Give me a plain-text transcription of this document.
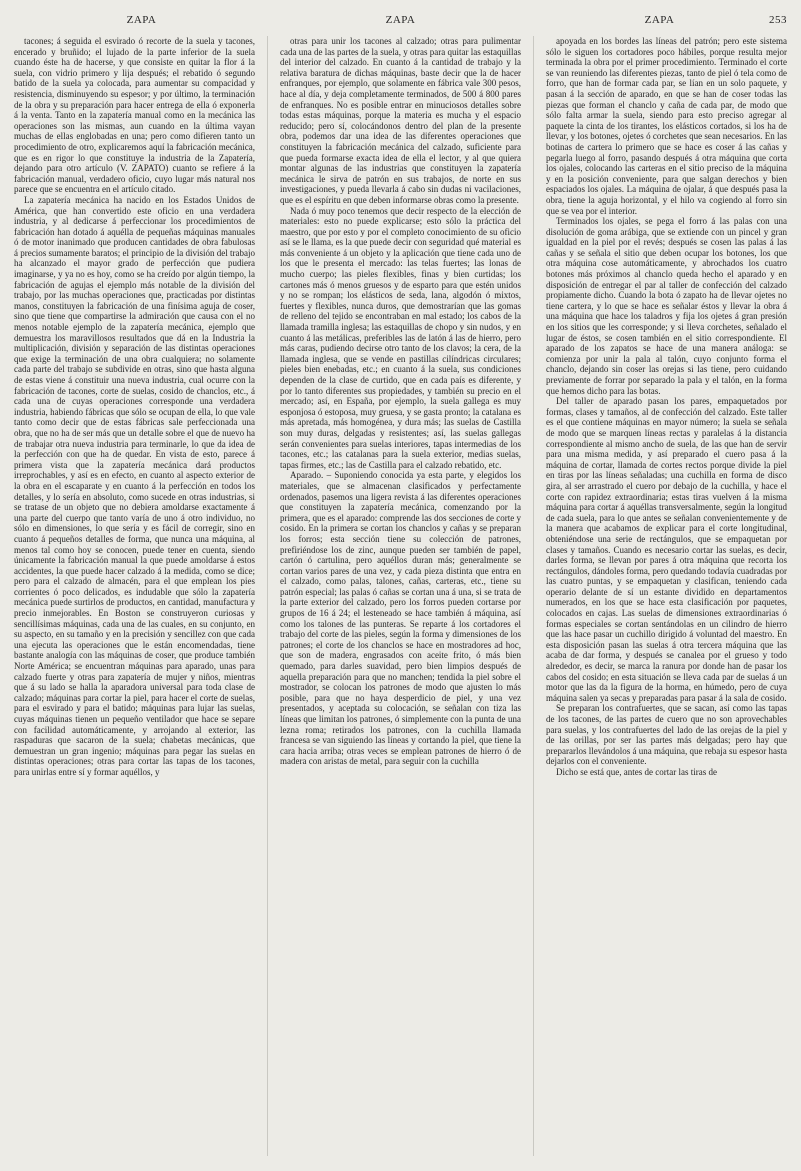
ZAPA	ZAPA	ZAPA	253

tacones; á seguida el esvirado ó recorte de la suela y tacones, encerado y bruñido; el lujado de la parte inferior de la suela cuando éste ha de hacerse, y que consiste en quitar la flor á la suela, con vidrio primero y lija después; el rebatido ó segundo batido de la suela ya colocada, para aumentar su compacidad y resistencia, disminuyendo su espesor; y por último, la terminación de la obra y su preparación para hacer entrega de ella ó exponerla á la venta. Tanto en la zapatería manual como en la mecánica las operaciones son las mismas, aun cuando en la última vayan muchas de ellas englobadas en una; pero como difieren tanto un procedimiento de otro, explicaremos aquí la fabricación mecánica, que es en rigor lo que constituye la industria de la Zapatería, dejando para otro artículo (V. ZAPATO) cuanto se refiere á la fabricación manual, verdadero oficio, cuyo lugar más natural nos parece que se encuentra en el artículo citado.

La zapatería mecánica ha nacido en los Estados Unidos de América, que han convertido este oficio en una verdadera industria, y al dedicarse á perfeccionar los procedimientos de fabricación han dotado á aquélla de pequeñas máquinas manuales ó de motor inanimado que producen cantidades de obra fabulosas á precios sumamente baratos; el principio de la división del trabajo ha alcanzado el mayor grado de perfección que pudiera imaginarse, y ya no es hoy, como se ha creído por algún tiempo, la fabricación de agujas el ejemplo más notable de la división del trabajo, por las muchas operaciones que, practicadas por distintas manos, constituyen la fabricación de una finísima aguja de coser, sino que tiene que compartirse la admiración que causa con el no menos notable ejemplo de la zapatería mecánica, ejemplo que demuestra los maravillosos resultados que dá en la Industria la multiplicación, división y separación de las distintas operaciones que exige la terminación de una obra cualquiera; no solamente cada parte del trabajo se subdivide en otras, sino que hasta alguna de estas viene á constituir una nueva industria, cual ocurre con la fabricación de tacones, corte de suelas, cosido de chanclos, etc., á cada una de cuyas operaciones corresponde una verdadera industria, habiendo fábricas que sólo se ocupan de ella, lo que vale tanto como decir que de estas fábricas sale perfeccionada una obra, que no ha de ser más que un detalle sobre el que de nuevo ha de trabajar otra nueva industria para terminarle, lo que da idea de la perfección con que ha de quedar. En vista de esto, parece á primera vista que la zapatería mecánica dará productos irreprochables, y así es en efecto, en cuanto al aspecto exterior de la obra en el escaparate y en cuanto á la perfección en todos los detalles, y lo sería en absoluto, como sucede en otras industrias, si se tratase de un objeto que no debiera amoldarse exactamente á una parte del cuerpo que tanto varía de uno á otro individuo, no sólo en dimensiones, lo que sería y es fácil de corregir, sino en cuanto á pequeños detalles de forma, que nunca una máquina, al menos tal como hoy se conocen, puede tener en cuenta, siendo únicamente la fabricación manual la que puede amoldarse á estos accidentes, la que puede hacer calzado á la medida, como se dice; pero para el calzado de almacén, para el que emplean los pies corrientes ó poco delicados, es indudable que sólo la zapatería mecánica puede surtirlos de productos, en cantidad, manufactura y precio inmejorables. En Boston se construyeron curiosas y sencillísimas máquinas, cada una de las cuales, en su conjunto, en su aspecto, en su tamaño y en la precisión y sencillez con que cada una ejecuta las operaciones que le están encomendadas, tiene bastante analogía con las máquinas de coser, que produce también Norte América; se encuentran máquinas para aparado, unas para calzado fuerte y otras para zapatería de mujer y niños, mientras que á su lado se halla la aparadora universal para toda clase de calzado; máquinas para cortar la piel, para hacer el corte de suelas, para el esvirado y para el batido; máquinas para lujar las suelas, cuyas máquinas tienen un pequeño ventilador que hace se separe con facilidad automáticamente, y arrojando al exterior, las raspaduras que sacaron de la suela; chabetas mecánicas, que demuestran un gran ingenio; máquinas para pegar las suelas en distintas operaciones; otras para cortar las tapas de los tacones, para unirlas entre sí y formar aquéllos, y

otras para unir los tacones al calzado; otras para pulimentar cada una de las partes de la suela, y otras para quitar las estaquillas del interior del calzado. En cuanto á la cantidad de trabajo y la relativa baratura de dichas máquinas, baste decir que la de hacer enfranques, por ejemplo, que solamente en fábrica vale 300 pesos, hace al día, y deja completamente terminados, de 500 á 800 pares de enfranques. No es posible entrar en minuciosos detalles sobre todas estas máquinas, porque la materia es mucha y el espacio reducido; pero sí, colocándonos dentro del plan de la presente obra, podemos dar una idea de las diferentes operaciones que constituyen la fabricación mecánica del calzado, suficiente para que pueda formarse exacta idea de ella el lector, y al que quiera montar algunas de las industrias que constituyen la zapatería mecánica le sirva de patrón en sus trabajos, de norte en sus investigaciones, y pueda llevarla á cabo sin dudas ni vacilaciones, que es el espíritu en que deben informarse obras como la presente.

Nada ó muy poco tenemos que decir respecto de la elección de materiales: esto no puede explicarse; esto sólo la práctica del maestro, que por esto y por el completo conocimiento de su oficio así se le llama, es la que puede decir con seguridad qué material es más conveniente á un objeto y la aplicación que tiene cada uno de los que le presenta el mercado: las telas fuertes; las lonas de mucho cuerpo; las pieles flexibles, finas y bien curtidas; los cartones más ó menos gruesos y de esparto para que estén unidos y no se rompan; los elásticos de seda, lana, algodón ó mixtos, fuertes y flexibles, nunca duros, que demostrarían que las gomas de relleno del tejido se encontraban en mal estado; los cabos de la llamada tramilla inglesa; las estaquillas de chopo y sin nudos, y en cuanto á las metálicas, preferibles las de latón á las de hierro, pero más caras, pudiendo decirse otro tanto de los clavos; la cera, de la llamada inglesa, que se vende en pastillas cilíndricas circulares; pieles bien enebadas, etc.; en cuanto á la suela, sus condiciones dependen de la clase de curtido, que en cada país es diferente, y por lo tanto diferentes sus propiedades, y también su precio en el mercado; así, en España, por ejemplo, la suela gallega es muy esponjosa ó estoposa, muy gruesa, y se gasta pronto; la catalana es más apretada, más homogénea, y dura más; las suelas de Castilla son muy duras, delgadas y resistentes; así, las suelas gallegas serán convenientes para suelas interiores, tapas intermedias de los tacones, etc.; las catalanas para la suela exterior, medias suelas, tapas firmes, etc.; las de Castilla para el calzado rebatido, etc.

Aparado. – Suponiendo conocida ya esta parte, y elegidos los materiales, que se almacenan clasificados y perfectamente ordenados, pasemos una ligera revista á las diferentes operaciones que constituyen la zapatería mecánica, comenzando por la primera, que es el aparado: comprende las dos secciones de corte y cosido. En la primera se cortan los chanclos y cañas y se preparan los forros; esta sección tiene su colección de patrones, prefiriéndose los de zinc, aunque pueden ser también de papel, cartón ó cartulina, pero aquéllos duran más; generalmente se cortan varios pares de una vez, y cada pieza distinta que entra en el calzado, como palas, talones, cañas, carteras, etc., tiene su patrón especial; las palas ó cañas se cortan una á una, si se trata de la parte exterior del calzado, pero los forros pueden cortarse por grupos de 16 á 24; el lesteneado se hace también á máquina, así como los talones de las punteras. Se reparte á los cortadores el trabajo del corte de las pieles, según la forma y dimensiones de los patrones; el corte de los chanclos se hace en mostradores ad hoc, que son de madera, engrasados con aceite frito, ó más bien quemado, para darles suavidad, pero bien limpios después de aquella preparación para que no manchen; tendida la piel sobre el mostrador, se colocan los patrones de modo que ajusten lo más posible, para que no haya desperdicio de piel, y una vez presentados, y aceptada su colocación, se señalan con tiza las líneas que limitan los patrones, ó simplemente con la punta de una lezna roma; retirados los patrones, con la cuchilla llamada francesa se van siguiendo las líneas y cortando la piel, que tiene la cara hacia arriba; otras veces se emplean patrones de hierro ó de madera con aristas de metal, para seguir con la cuchilla

apoyada en los bordes las líneas del patrón; pero este sistema sólo le siguen los cortadores poco hábiles, porque resulta mejor terminada la obra por el primer procedimiento. Terminado el corte se van reuniendo las diferentes piezas, tanto de piel ó tela como de forro, que han de formar cada par, se lían en un solo paquete, y pasan á la sección de aparado, en que se han de coser todas las piezas que forman el chanclo y caña de cada par, de modo que sólo falta armar la suela, siendo para esto preciso agregar al paquete la cinta de los tirantes, los elásticos cortados, si los ha de llevar, y los botones, ojetes ó corchetes que sean necesarios. En las botinas de cartera lo primero que se hace es coser á las cañas y pegarla luego al forro, pasando después á otra máquina que corta los ojales, colocando las carteras en el sitio preciso de la máquina y en la posición conveniente, para que salgan derechos y bien espaciados los ojales. La máquina de ojalar, á que después pasa la obra, tiene la aguja horizontal, y el hilo va cogiendo al forro sin que se vea por el interior.

Terminados los ojales, se pega el forro á las palas con una disolución de goma arábiga, que se extiende con un pincel y gran igualdad en la piel por el revés; después se cosen las palas á las cañas y se señala el sitio que deben ocupar los botones, los que otra máquina cose automáticamente, y abrochados los cuatro botones más próximos al chanclo queda hecho el aparado y en disposición de entregar el par al taller de confección del calzado propiamente dicho. Cuando la bota ó zapato ha de llevar ojetes no tiene cartera, y lo que se hace es señalar éstos y llevar la obra á una máquina que hace los taladros y fija los ojetes á gran presión en los sitios que les corresponde; y si lleva corchetes, señalado el lugar de éstos, se cosen también en el sitio correspondiente. El aparado de los zapatos se hace de una manera análoga: se comienza por unir la pala al talón, cuyo conjunto forma el chanclo, dejando sin coser las orejas si las tiene, pero cuidando previamente de forrar por separado la pala y el talón, en la forma que hemos dicho para las botas.

Del taller de aparado pasan los pares, empaquetados por formas, clases y tamaños, al de confección del calzado. Este taller es el que contiene máquinas en mayor número; la suela se señala de modo que se marquen líneas rectas y paralelas á la distancia correspondiente al mismo ancho de suela, de las que han de servir para una misma medida, y así preparado el cuero pasa á la máquina de cortar, llamada de cortes rectos porque divide la piel en tiras por las líneas señaladas; una cuchilla en forma de disco gira, al ser arrastrado el cuero por debajo de la cuchilla, y hace el corte con rapidez extraordinaria; estas tiras vuelven á la misma máquina para cortar á aquéllas transversalmente, según la longitud de cada suela, para lo que antes se señalan convenientemente y de la manera que acabamos de explicar para el corte longitudinal, obteniéndose una serie de rectángulos, que se empaquetan por clases y tamaños. Cuando es necesario cortar las suelas, es decir, darles forma, se llevan por pares á otra máquina que recorta los rectángulos, dándoles forma, pero quedando todavía cuadradas por las cuatro puntas, y se empaquetan y clasifican, teniendo cada operario delante de sí un estante dividido en departamentos numerados, en los que se hace esta clasificación por paquetes, colocados en cajas. Las suelas de dimensiones extraordinarias ó formas especiales se cortan sentándolas en un cilindro de hierro que las hace pasar un cuchillo dirigido á voluntad del maestro. En esta disposición pasan las suelas á otra tercera máquina que las acaba de dar forma, y después se canalea por el grueso y todo alrededor, es decir, se marca la ranura por donde han de pasar los cabos del cosido; en esta situación se lleva cada par de suelas á un motor que las da la figura de la horma, en húmedo, pero de cuya máquina salen ya secas y preparadas para pasar á la sala de cosido.

Se preparan los contrafuertes, que se sacan, así como las tapas de los tacones, de las partes de cuero que no son aprovechables para suelas, y los contrafuertes del lado de las orejas de la piel y de las orillas, por ser las partes más delgadas; pero hay que prepararlos llevándolos á una máquina, que rebaja su espesor hasta dejarlos con el conveniente.

Dicho se está que, antes de cortar las tiras de
